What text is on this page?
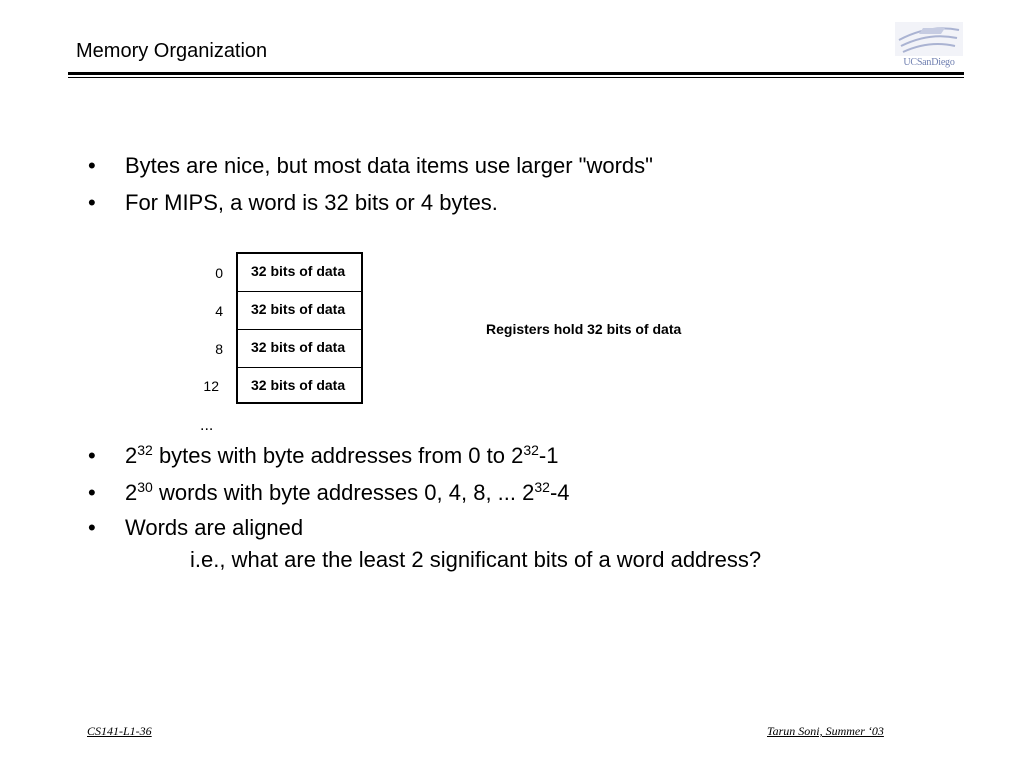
Memory Organization
UCSanDiego
• Bytes are nice, but most data items use larger "words"
• For MIPS, a word is 32 bits or 4 bytes.
0
4
8
12
32 bits of data
32 bits of data
32 bits of data
32 bits of data
...
Registers hold 32 bits of data
• $2^{32}$ bytes with byte addresses from 0 to $2^{32}-1$
• $2^{30}$ words with byte addresses 0, 4, 8, ... $2^{32}-4$
• Words are aligned
i.e., what are the least 2 significant bits of a word address?
CS141-L1-36	Tarun Soni, Summer ‘03
